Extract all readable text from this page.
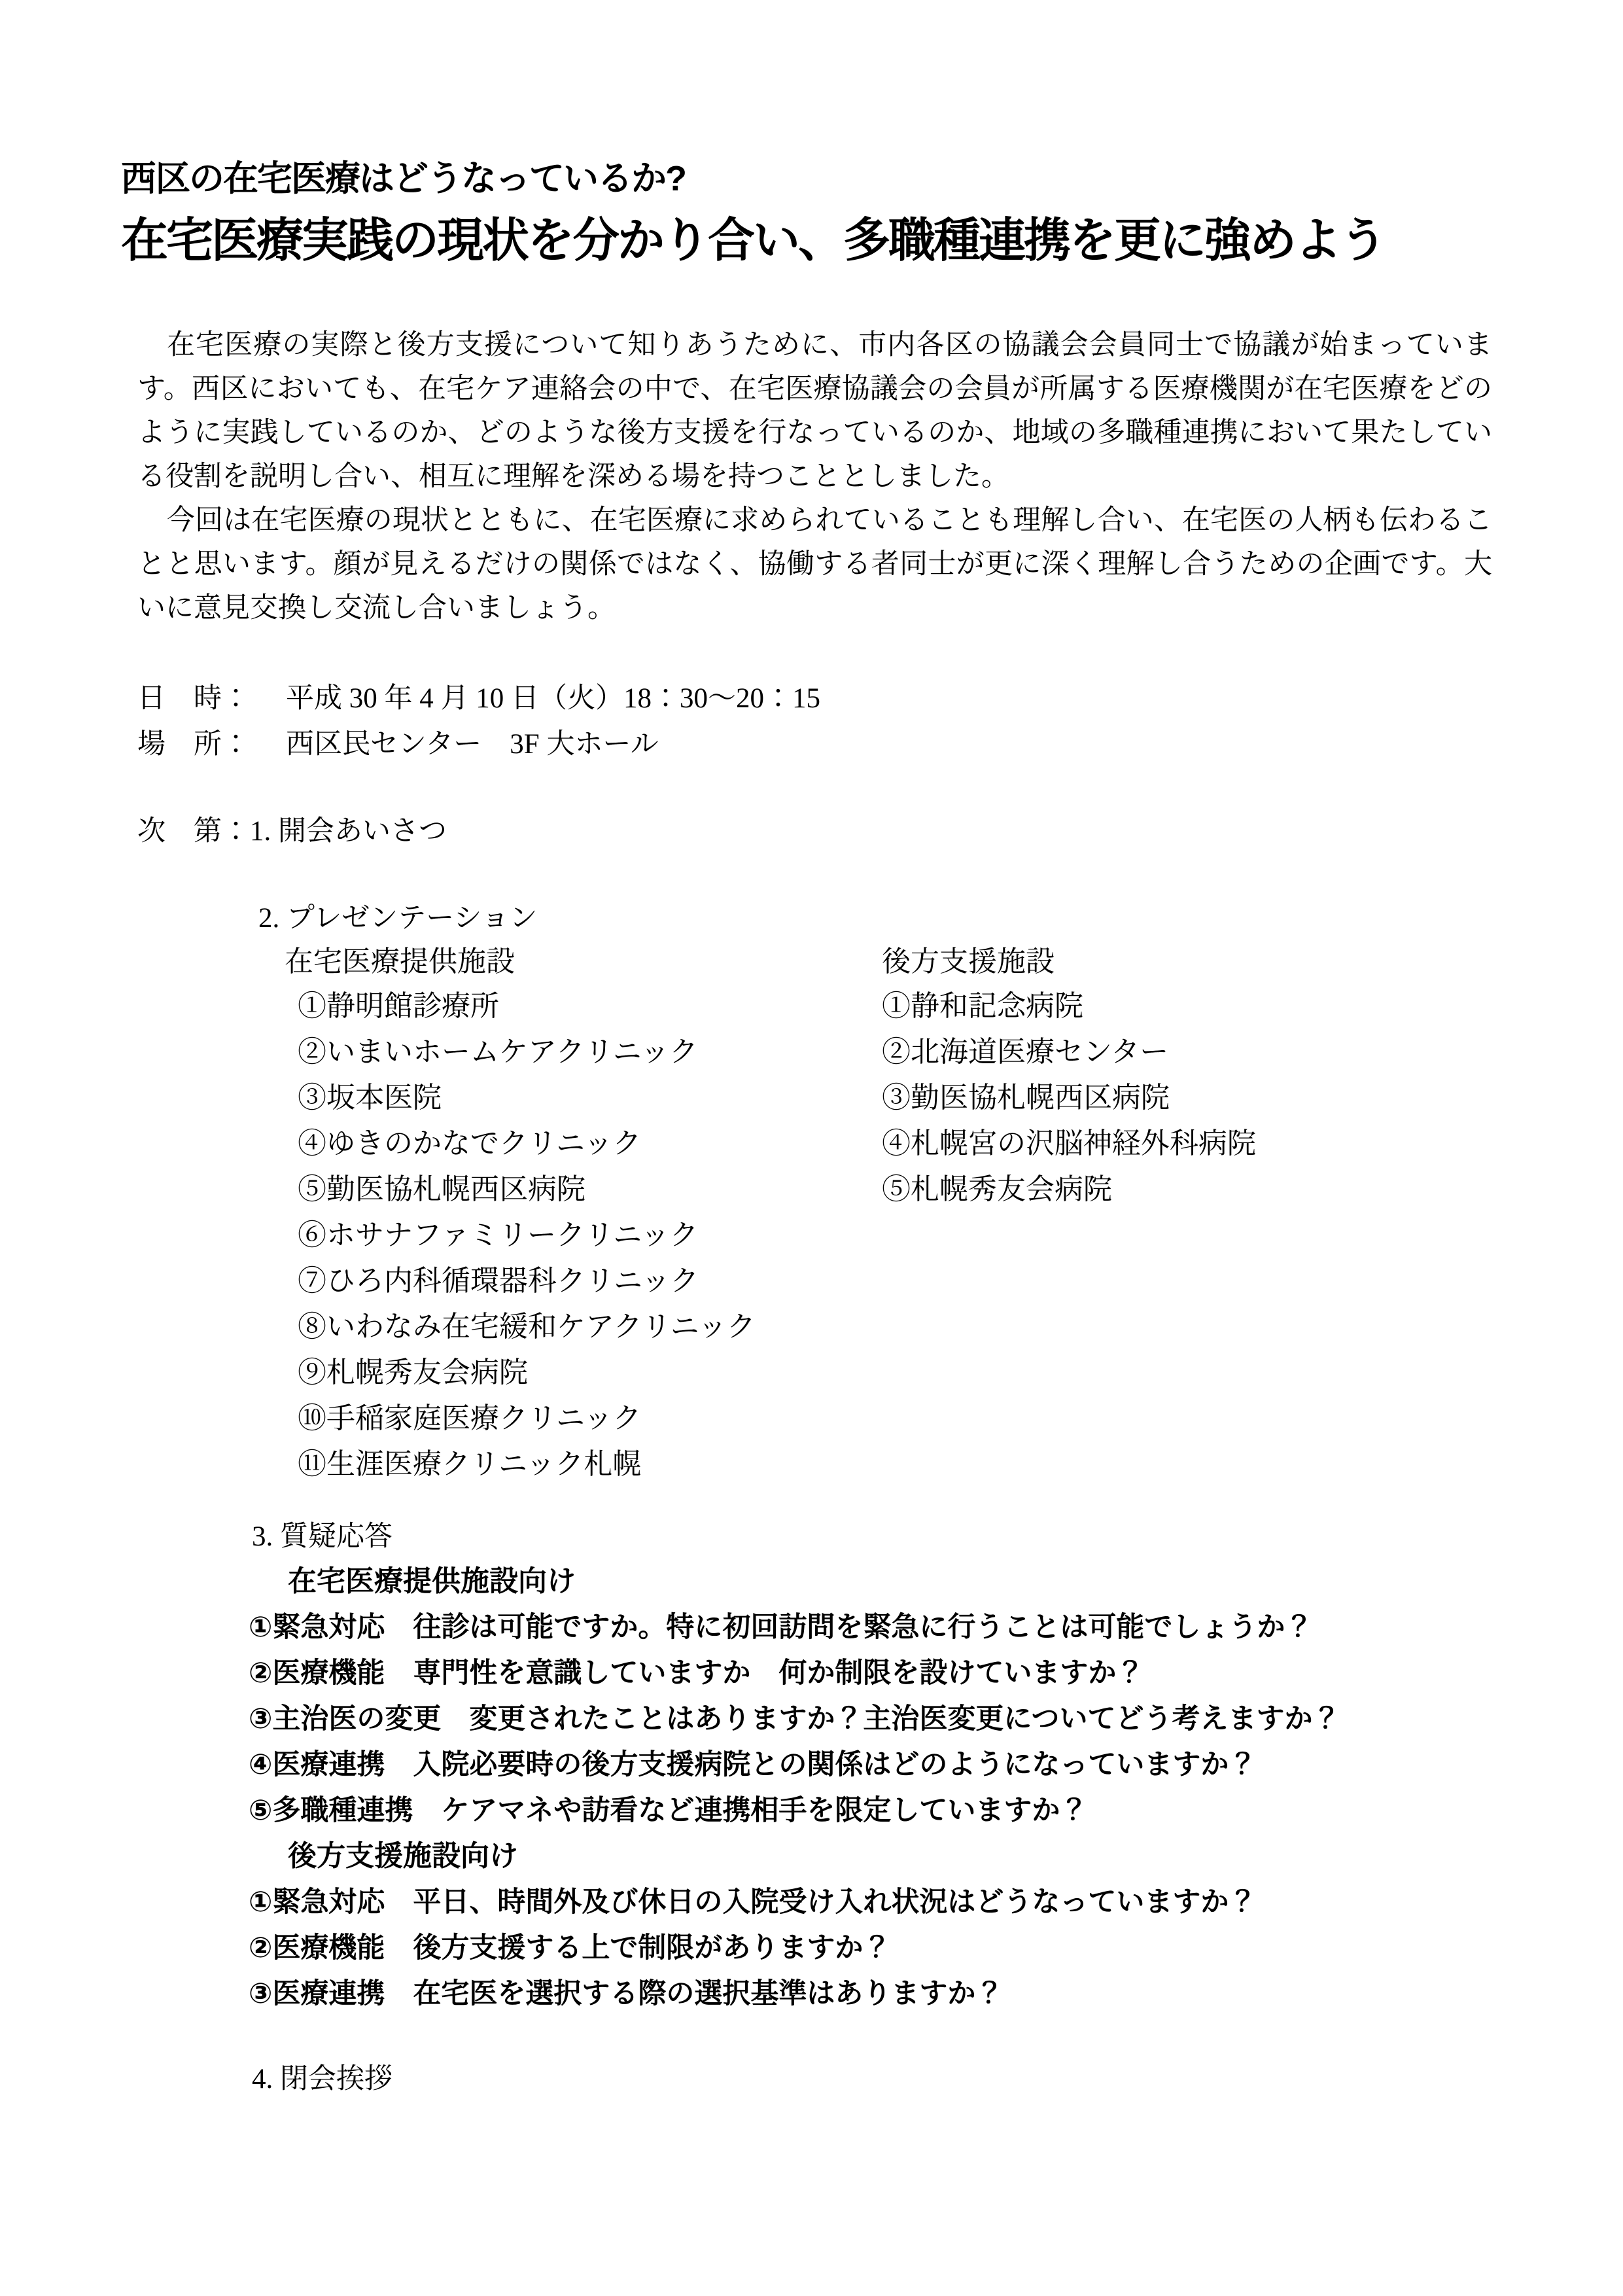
西区の在宅医療はどうなっているか?
在宅医療実践の現状を分かり合い、多職種連携を更に強めよう

在宅医療の実際と後方支援について知りあうために、市内各区の協議会会員同士で協議が始まっています。西区においても、在宅ケア連絡会の中で、在宅医療協議会の会員が所属する医療機関が在宅医療をどのように実践しているのか、どのような後方支援を行なっているのか、地域の多職種連携において果たしている役割を説明し合い、相互に理解を深める場を持つこととしました。

今回は在宅医療の現状とともに、在宅医療に求められていることも理解し合い、在宅医の人柄も伝わることと思います。顔が見えるだけの関係ではなく、協働する者同士が更に深く理解し合うための企画です。大いに意見交換し交流し合いましょう。

日　時： 平成 30 年 4 月 10 日（火）18：30～20：15
場　所： 西区民センター　3F 大ホール
次　第：1. 開会あいさつ
2. プレゼンテーション
在宅医療提供施設
①静明館診療所
②いまいホームケアクリニック
③坂本医院
④ゆきのかなでクリニック
⑤勤医協札幌西区病院
⑥ホサナファミリークリニック
⑦ひろ内科循環器科クリニック
⑧いわなみ在宅緩和ケアクリニック
⑨札幌秀友会病院
⑩手稲家庭医療クリニック
⑪生涯医療クリニック札幌
後方支援施設
①静和記念病院
②北海道医療センター
③勤医協札幌西区病院
④札幌宮の沢脳神経外科病院
⑤札幌秀友会病院
3. 質疑応答
在宅医療提供施設向け
①緊急対応　往診は可能ですか。特に初回訪問を緊急に行うことは可能でしょうか？
②医療機能　専門性を意識していますか　何か制限を設けていますか？
③主治医の変更　変更されたことはありますか？主治医変更についてどう考えますか？
④医療連携　入院必要時の後方支援病院との関係はどのようになっていますか？
⑤多職種連携　ケアマネや訪看など連携相手を限定していますか？
後方支援施設向け
①緊急対応　平日、時間外及び休日の入院受け入れ状況はどうなっていますか？
②医療機能　後方支援する上で制限がありますか？
③医療連携　在宅医を選択する際の選択基準はありますか？
4. 閉会挨拶
